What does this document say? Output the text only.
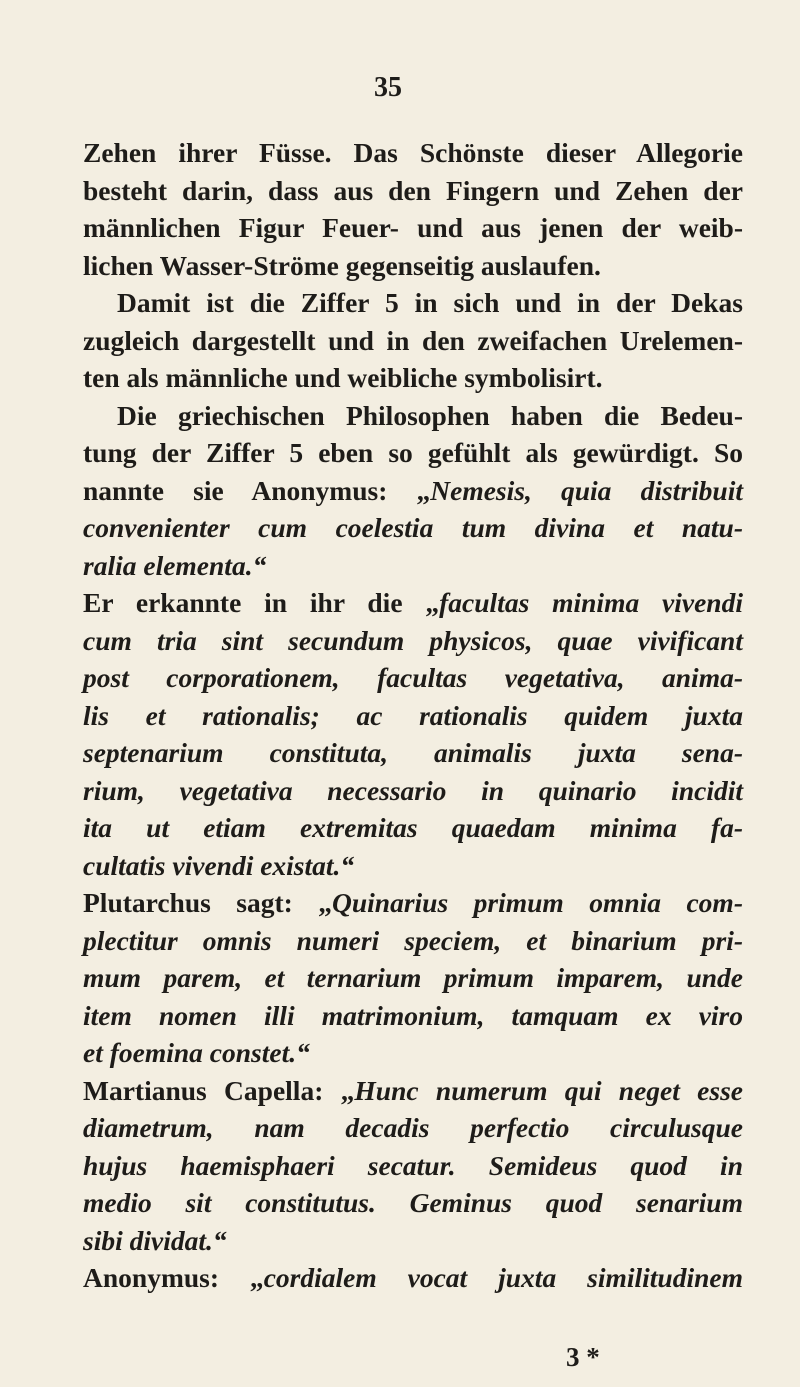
35
Zehen ihrer Füsse. Das Schönste dieser Allegorie
besteht darin, dass aus den Fingern und Zehen der
männlichen Figur Feuer- und aus jenen der weib-
lichen Wasser-Ströme gegenseitig auslaufen.
Damit ist die Ziffer 5 in sich und in der Dekas
zugleich dargestellt und in den zweifachen Urelemen-
ten als männliche und weibliche symbolisirt.
Die griechischen Philosophen haben die Bedeu-
tung der Ziffer 5 eben so gefühlt als gewürdigt. So
nannte sie Anonymus: „Nemesis, quia distribuit
convenienter cum coelestia tum divina et natu-
ralia elementa.“
Er erkannte in ihr die „facultas minima vivendi
cum tria sint secundum physicos, quae vivificant
post corporationem, facultas vegetativa, anima-
lis et rationalis; ac rationalis quidem juxta
septenarium constituta, animalis juxta sena-
rium, vegetativa necessario in quinario incidit
ita ut etiam extremitas quaedam minima fa-
cultatis vivendi existat.“
Plutarchus sagt: „Quinarius primum omnia com-
plectitur omnis numeri speciem, et binarium pri-
mum parem, et ternarium primum imparem, unde
item nomen illi matrimonium, tamquam ex viro
et foemina constet.“
Martianus Capella: „Hunc numerum qui neget esse
diametrum, nam decadis perfectio circulusque
hujus haemisphaeri secatur. Semideus quod in
medio sit constitutus. Geminus quod senarium
sibi dividat.“
Anonymus: „cordialem vocat juxta similitudinem
3 *
